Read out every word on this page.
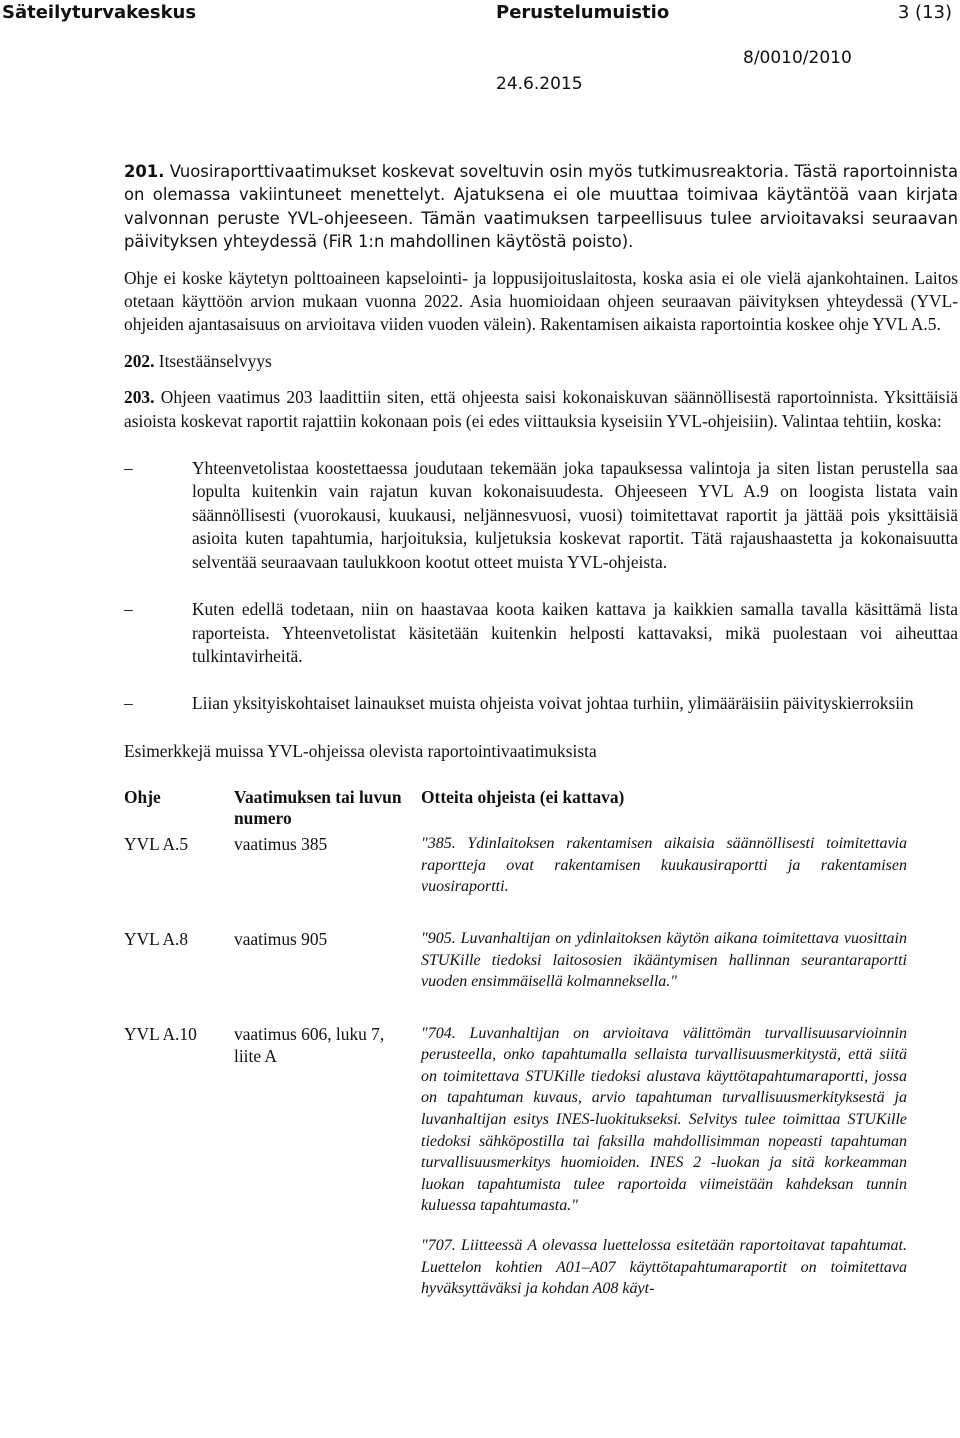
Säteilyturvakeskus	Perustelumuistio	3 (13)
8/0010/2010
24.6.2015

201. Vuosiraporttivaatimukset koskevat soveltuvin osin myös tutkimusreaktoria. Tästä raportoinnista on olemassa vakiintuneet menettelyt. Ajatuksena ei ole muuttaa toimivaa käytäntöä vaan kirjata valvonnan peruste YVL-ohjeeseen. Tämän vaatimuksen tarpeellisuus tulee arvioitavaksi seuraavan päivityksen yhteydessä (FiR 1:n mahdollinen käytöstä poisto).

Ohje ei koske käytetyn polttoaineen kapselointi- ja loppusijoituslaitosta, koska asia ei ole vielä ajankohtainen. Laitos otetaan käyttöön arvion mukaan vuonna 2022. Asia huomioidaan ohjeen seuraavan päivityksen yhteydessä (YVL-ohjeiden ajantasaisuus on arvioitava viiden vuoden välein). Rakentamisen aikaista raportointia koskee ohje YVL A.5.

202. Itsestäänselvyys

203. Ohjeen vaatimus 203 laadittiin siten, että ohjeesta saisi kokonaiskuvan säännöllisestä raportoinnista. Yksittäisiä asioista koskevat raportit rajattiin kokonaan pois (ei edes viittauksia kyseisiin YVL-ohjeisiin). Valintaa tehtiin, koska:

–	Yhteenvetolistaa koostettaessa joudutaan tekemään joka tapauksessa valintoja ja siten listan perustella saa lopulta kuitenkin vain rajatun kuvan kokonaisuudesta. Ohjeeseen YVL A.9 on loogista listata vain säännöllisesti (vuorokausi, kuukausi, neljännesvuosi, vuosi) toimitettavat raportit ja jättää pois yksittäisiä asioita kuten tapahtumia, harjoituksia, kuljetuksia koskevat raportit. Tätä rajaushaastetta ja kokonaisuutta selventää seuraavaan taulukkoon kootut otteet muista YVL-ohjeista.
–	Kuten edellä todetaan, niin on haastavaa koota kaiken kattava ja kaikkien samalla tavalla käsittämä lista raporteista. Yhteenvetolistat käsitetään kuitenkin helposti kattavaksi, mikä puolestaan voi aiheuttaa tulkintavirheitä.
–	Liian yksityiskohtaiset lainaukset muista ohjeista voivat johtaa turhiin, ylimääräisiin päivityskierroksiin

Esimerkkejä muissa YVL-ohjeissa olevista raportointivaatimuksista

Ohje	Vaatimuksen tai luvun numero	Otteita ohjeista (ei kattava)
YVL A.5	vaatimus 385	"385. Ydinlaitoksen rakentamisen aikaisia säännöllisesti toimitettavia raportteja ovat rakentamisen kuukausiraportti ja rakentamisen vuosiraportti.

YVL A.8	vaatimus 905	"905. Luvanhaltijan on ydinlaitoksen käytön aikana toimitettava vuosittain STUKille tiedoksi laitososien ikääntymisen hallinnan seurantaraportti vuoden ensimmäisellä kolmanneksella."

YVL A.10	vaatimus 606, luku 7, liite A	"704. Luvanhaltijan on arvioitava välittömän turvallisuusarvioinnin perusteella, onko tapahtumalla sellaista turvallisuusmerkitystä, että siitä on toimitettava STUKille tiedoksi alustava käyttötapahtumaraportti, jossa on tapahtuman kuvaus, arvio tapahtuman turvallisuusmerkityksestä ja luvanhaltijan esitys INES-luokitukseksi. Selvitys tulee toimittaa STUKille tiedoksi sähköpostilla tai faksilla mahdollisimman nopeasti tapahtuman turvallisuusmerkitys huomioiden. INES 2 -luokan ja sitä korkeamman luokan tapahtumista tulee raportoida viimeistään kahdeksan tunnin kuluessa tapahtumasta."

"707. Liitteessä A olevassa luettelossa esitetään raportoitavat tapahtumat. Luettelon kohtien A01–A07 käyttötapahtumaraportit on toimitettava hyväksyttäväksi ja kohdan A08 käyt-
